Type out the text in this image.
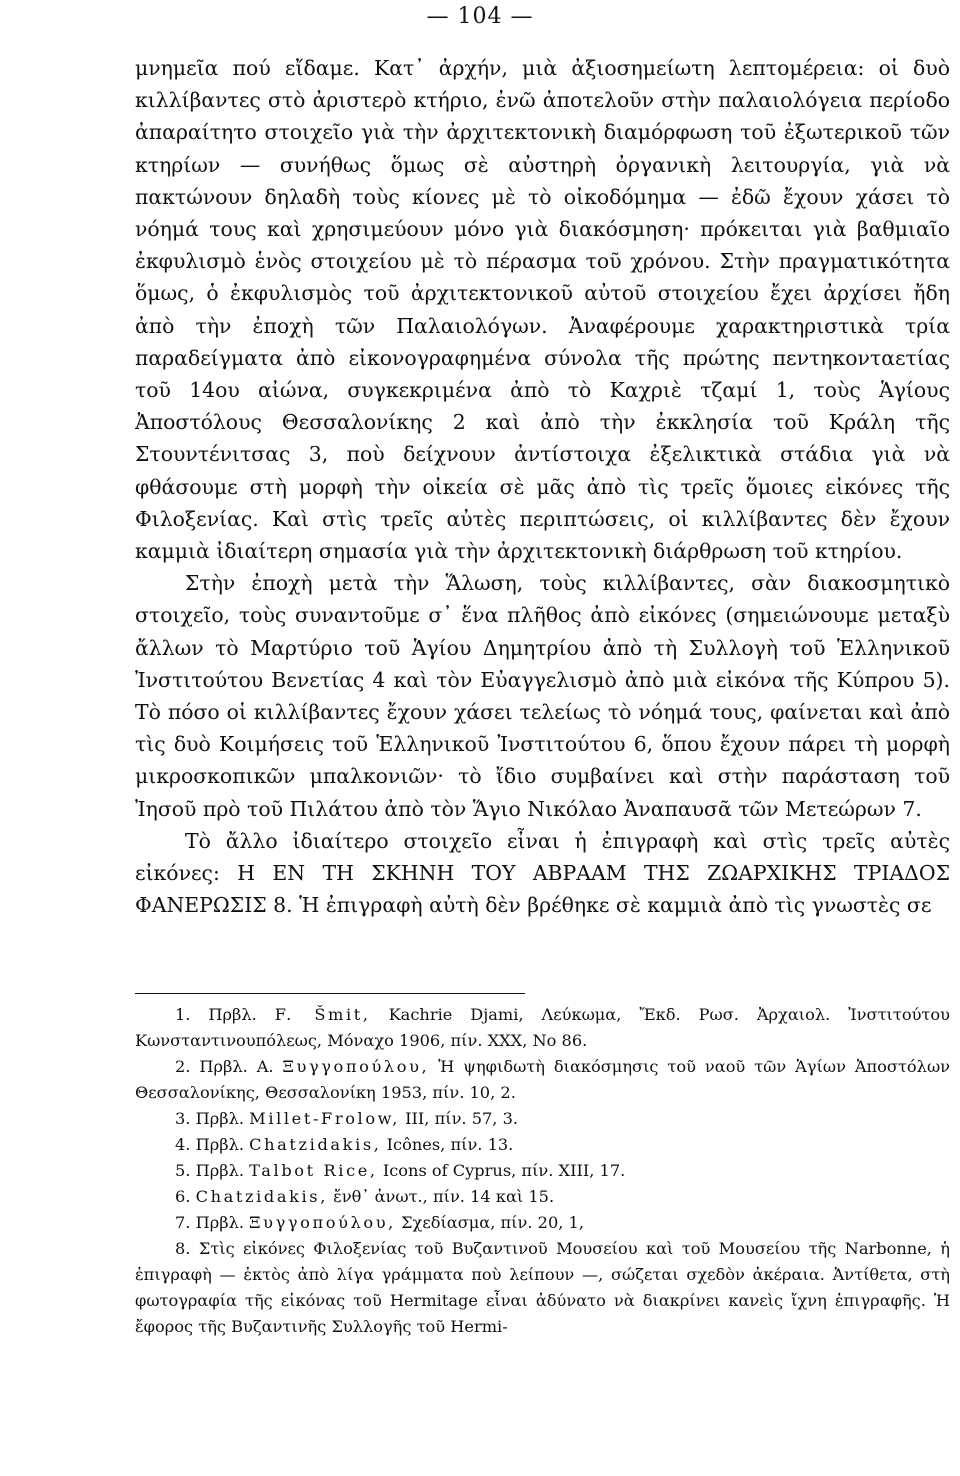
— 104 —

μνημεῖα πού εἴδαμε. Κατ᾽ ἀρχήν, μιὰ ἀξιοσημείωτη λεπτομέρεια: οἱ δυὸ κιλλίβαντες στὸ ἀριστερὸ κτήριο, ἐνῶ ἀποτελοῦν στὴν παλαιολόγεια περίοδο ἀπαραίτητο στοιχεῖο γιὰ τὴν ἀρχιτεκτονικὴ διαμόρφωση τοῦ ἐξωτερικοῦ τῶν κτηρίων — συνήθως ὅμως σὲ αὐστηρὴ ὀργανικὴ λειτουργία, γιὰ νὰ πακτώνουν δηλαδὴ τοὺς κίονες μὲ τὸ οἰκοδόμημα — ἐδῶ ἔχουν χάσει τὸ νόημά τους καὶ χρησιμεύουν μόνο γιὰ διακόσμηση· πρόκειται γιὰ βαθμιαῖο ἐκφυλισμὸ ἑνὸς στοιχείου μὲ τὸ πέρασμα τοῦ χρόνου. Στὴν πραγματικότητα ὅμως, ὁ ἐκφυλισμὸς τοῦ ἀρχιτεκτονικοῦ αὐτοῦ στοιχείου ἔχει ἀρχίσει ἤδη ἀπὸ τὴν ἐποχὴ τῶν Παλαιολόγων. Ἀναφέρουμε χαρακτηριστικὰ τρία παραδείγματα ἀπὸ εἰκονογραφημένα σύνολα τῆς πρώτης πεντηκονταετίας τοῦ 14ου αἰώνα, συγκεκριμένα ἀπὸ τὸ Καχριὲ τζαμί 1, τοὺς Ἁγίους Ἀποστόλους Θεσσαλονίκης 2 καὶ ἀπὸ τὴν ἐκκλησία τοῦ Κράλη τῆς Στουντένιτσας 3, ποὺ δείχνουν ἀντίστοιχα ἐξελικτικὰ στάδια γιὰ νὰ φθάσουμε στὴ μορφὴ τὴν οἰκεία σὲ μᾶς ἀπὸ τὶς τρεῖς ὅμοιες εἰκόνες τῆς Φιλοξενίας. Καὶ στὶς τρεῖς αὐτὲς περιπτώσεις, οἱ κιλλίβαντες δὲν ἔχουν καμμιὰ ἰδιαίτερη σημασία γιὰ τὴν ἀρχιτεκτονικὴ διάρθρωση τοῦ κτηρίου.

Στὴν ἐποχὴ μετὰ τὴν Ἅλωση, τοὺς κιλλίβαντες, σὰν διακοσμητικὸ στοιχεῖο, τοὺς συναντοῦμε σ᾽ ἕνα πλῆθος ἀπὸ εἰκόνες (σημειώνουμε μεταξὺ ἄλλων τὸ Μαρτύριο τοῦ Ἁγίου Δημητρίου ἀπὸ τὴ Συλλογὴ τοῦ Ἑλληνικοῦ Ἰνστιτούτου Βενετίας 4 καὶ τὸν Εὐαγγελισμὸ ἀπὸ μιὰ εἰκόνα τῆς Κύπρου 5). Τὸ πόσο οἱ κιλλίβαντες ἔχουν χάσει τελείως τὸ νόημά τους, φαίνεται καὶ ἀπὸ τὶς δυὸ Κοιμήσεις τοῦ Ἑλληνικοῦ Ἰνστιτούτου 6, ὅπου ἔχουν πάρει τὴ μορφὴ μικροσκοπικῶν μπαλκονιῶν· τὸ ἴδιο συμβαίνει καὶ στὴν παράσταση τοῦ Ἰησοῦ πρὸ τοῦ Πιλάτου ἀπὸ τὸν Ἅγιο Νικόλαο Ἀναπαυσᾶ τῶν Μετεώρων 7.

Τὸ ἄλλο ἰδιαίτερο στοιχεῖο εἶναι ἡ ἐπιγραφὴ καὶ στὶς τρεῖς αὐτὲς εἰκόνες: Η ΕΝ ΤΗ ΣΚΗΝΗ ΤΟΥ ΑΒΡΑΑΜ ΤΗΣ ΖΩΑΡΧΙΚΗΣ ΤΡΙΑΔΟΣ ΦΑΝΕΡΩΣΙΣ 8. Ἡ ἐπιγραφὴ αὐτὴ δὲν βρέθηκε σὲ καμμιὰ ἀπὸ τὶς γνωστὲς σε

1. Πρβλ. F. Šmit, Kachrie Djami, Λεύκωμα, Ἔκδ. Ρωσ. Ἀρχαιολ. Ἰνστιτούτου Κωνσταντινουπόλεως, Μόναχο 1906, πίν. XXX, No 86.

2. Πρβλ. Α. Ξυγγοπούλου, Ἡ ψηφιδωτὴ διακόσμησις τοῦ ναοῦ τῶν Ἁγίων Ἀποστόλων Θεσσαλονίκης, Θεσσαλονίκη 1953, πίν. 10, 2.

3. Πρβλ. Millet-Frolow, III, πίν. 57, 3.

4. Πρβλ. Chatzidakis, Icônes, πίν. 13.

5. Πρβλ. Talbot Rice, Icons of Cyprus, πίν. XIII, 17.

6. Chatzidakis, ἔνθ᾽ ἀνωτ., πίν. 14 καὶ 15.

7. Πρβλ. Ξυγγοπούλου, Σχεδίασμα, πίν. 20, 1,

8. Στὶς εἰκόνες Φιλοξενίας τοῦ Βυζαντινοῦ Μουσείου καὶ τοῦ Μουσείου τῆς Narbonne, ἡ ἐπιγραφὴ — ἐκτὸς ἀπὸ λίγα γράμματα ποὺ λείπουν —, σώζεται σχεδὸν ἀκέραια. Ἀντίθετα, στὴ φωτογραφία τῆς εἰκόνας τοῦ Hermitage εἶναι ἀδύνατο νὰ διακρίνει κανεὶς ἴχνη ἐπιγραφῆς. Ἡ ἔφορος τῆς Βυζαντινῆς Συλλογῆς τοῦ Hermi-
